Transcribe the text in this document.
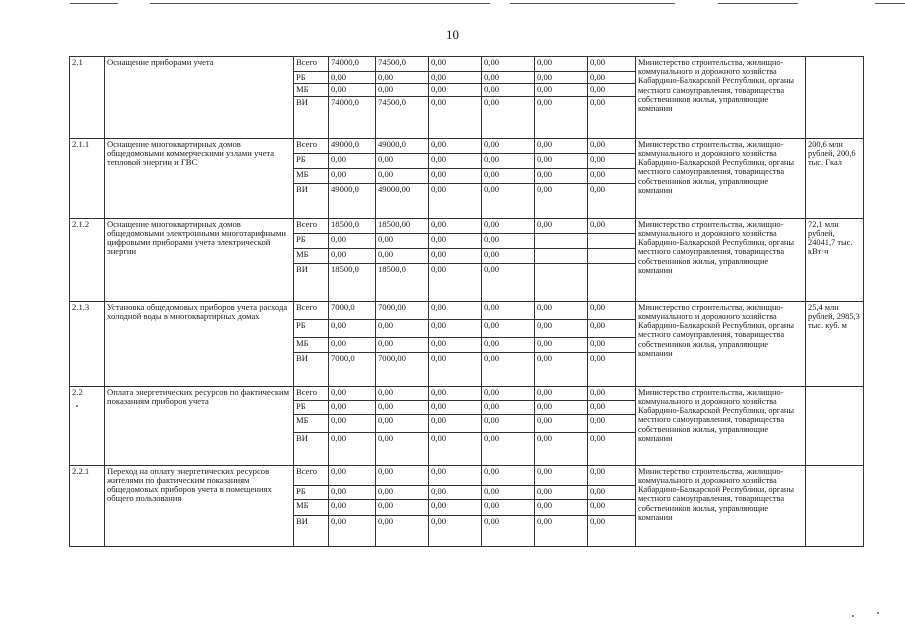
10
2.1	Оснащение приборами учета	Всего	74000,0	74500,0	0,00	0,00	0,00	0,00	Министерство строительства, жилищно-коммунального и дорожного хозяйства Кабардино-Балкарской Республики, органы местного самоуправления, товарищества собственников жилья, управляющие компании	
		РБ	0,00	0,00	0,00	0,00	0,00	0,00		
		МБ	0,00	0,00	0,00	0,00	0,00	0,00		
		ВИ	74000,0	74500,0	0,00	0,00	0,00	0,00		
2.1.1	Оснащение многоквартирных домов общедомовыми коммерческими узлами учета тепловой энергии и ГВС	Всего	49000,0	49000,0	0,00	0,00	0,00	0,00	Министерство строительства, жилищно-коммунального и дорожного хозяйства Кабардино-Балкарской Республики, органы местного самоуправления, товарищества собственников жилья, управляющие компании	200,6 млн рублей, 200,6 тыс. Гкал
		РБ	0,00	0,00	0,00	0,00	0,00	0,00		
		МБ	0,00	0,00	0,00	0,00	0,00	0,00		
		ВИ	49000,0	49000,00	0,00	0,00	0,00	0,00		
2.1.2	Оснащение многоквартирных домов общедомовыми электронными многотарифными цифровыми приборами учета электрической энергии	Всего	18500,0	18500,00	0,00	0,00	0,00	0,00	Министерство строительства, жилищно-коммунального и дорожного хозяйства Кабардино-Балкарской Республики, органы местного самоуправления, товарищества собственников жилья, управляющие компании	72,1 млн рублей, 24041,7 тыс. кВт·ч
		РБ	0,00	0,00	0,00	0,00				
		МБ	0,00	0,00	0,00	0,00				
		ВИ	18500,0	18500,0	0,00	0,00				
2.1.3	Установка общедомовых приборов учета расхода холодной воды в многоквартирных домах	Всего	7000,0	7000,00	0,00	0,00	0,00	0,00	Министерство строительства, жилищно-коммунального и дорожного хозяйства Кабардино-Балкарской Республики, органы местного самоуправления, товарищества собственников жилья, управляющие компании	25,4 млн рублей, 2985,3 тыс. куб. м
		РБ	0,00	0,00	0,00	0,00	0,00	0,00		
		МБ	0,00	0,00	0,00	0,00	0,00	0,00		
		ВИ	7000,0	7000,00	0,00	0,00	0,00	0,00		
2.2	Оплата энергетических ресурсов по фактическим показаниям приборов учета	Всего	0,00	0,00	0,00	0,00	0,00	0,00	Министерство строительства, жилищно-коммунального и дорожного хозяйства Кабардино-Балкарской Республики, органы местного самоуправления, товарищества собственников жилья, управляющие компании	
		РБ	0,00	0,00	0,00	0,00	0,00	0,00		
		МБ	0,00	0,00	0,00	0,00	0,00	0,00		
		ВИ	0,00	0,00	0,00	0,00	0,00	0,00		
2.2.1	Переход на оплату энергетических ресурсов жителями по фактическим показаниям общедомовых приборов учета в помещениях общего пользования	Всего	0,00	0,00	0,00	0,00	0,00	0,00	Министерство строительства, жилищно-коммунального и дорожного хозяйства Кабардино-Балкарской Республики, органы местного самоуправления, товарищества собственников жилья, управляющие компании	
		РБ	0,00	0,00	0,00	0,00	0,00	0,00		
		МБ	0,00	0,00	0,00	0,00	0,00	0,00		
		ВИ	0,00	0,00	0,00	0,00	0,00	0,00		
